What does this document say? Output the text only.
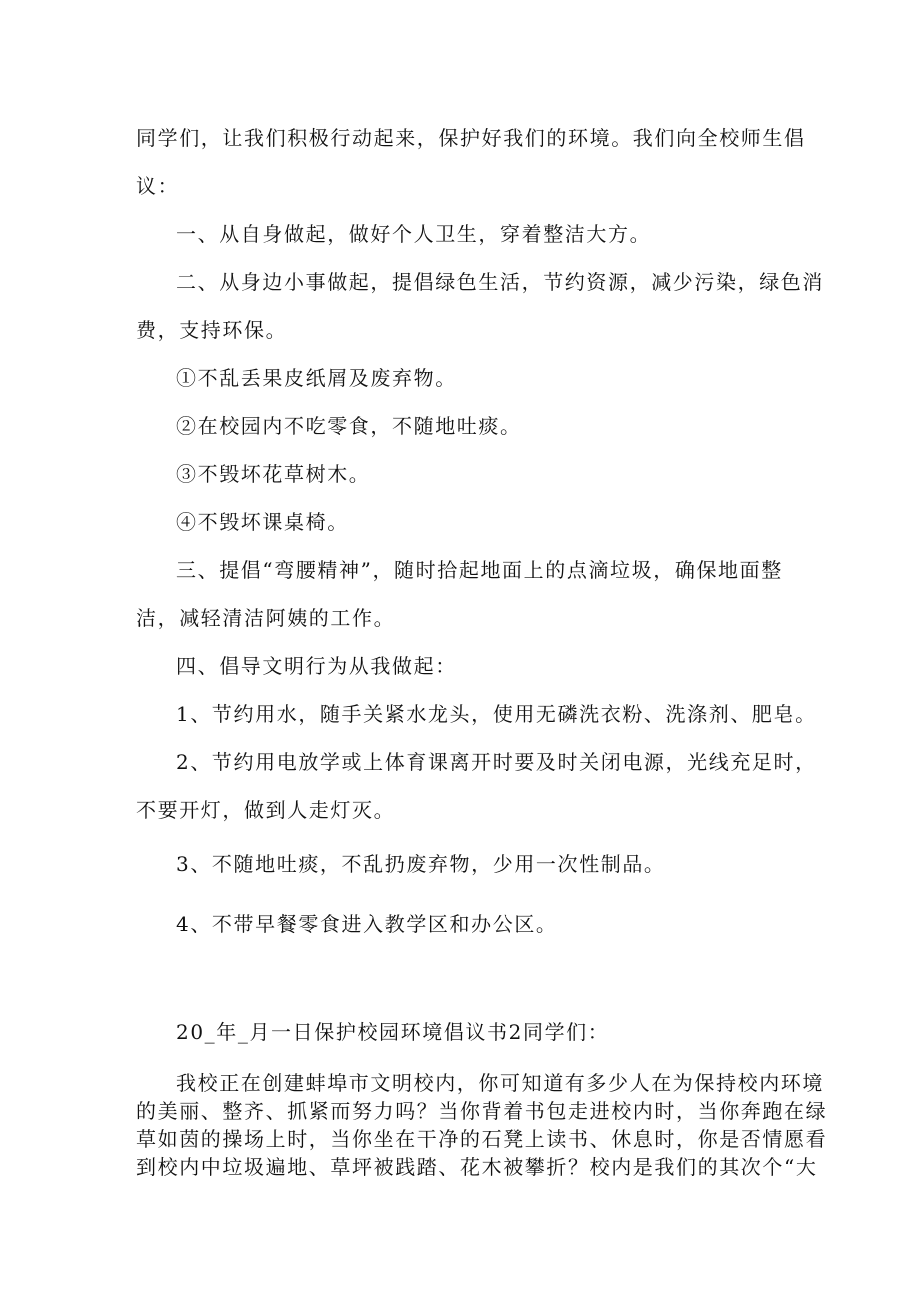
同学们，让我们积极行动起来，保护好我们的环境。我们向全校师生倡

议：

一、从自身做起，做好个人卫生，穿着整洁大方。

二、从身边小事做起，提倡绿色生活，节约资源，减少污染，绿色消

费，支持环保。

①不乱丢果皮纸屑及废弃物。

②在校园内不吃零食，不随地吐痰。

③不毁坏花草树木。

④不毁坏课桌椅。

三、提倡“弯腰精神”，随时拾起地面上的点滴垃圾，确保地面整

洁，减轻清洁阿姨的工作。

四、倡导文明行为从我做起：

1、节约用水，随手关紧水龙头，使用无磷洗衣粉、洗涤剂、肥皂。

2、节约用电放学或上体育课离开时要及时关闭电源，光线充足时，

不要开灯，做到人走灯灭。

3、不随地吐痰，不乱扔废弃物，少用一次性制品。

4、不带早餐零食进入教学区和办公区。

20_年_月一日保护校园环境倡议书2同学们：

我校正在创建蚌埠市文明校内，你可知道有多少人在为保持校内环境

的美丽、整齐、抓紧而努力吗？当你背着书包走进校内时，当你奔跑在绿

草如茵的操场上时，当你坐在干净的石凳上读书、休息时，你是否情愿看

到校内中垃圾遍地、草坪被践踏、花木被攀折？校内是我们的其次个“大
